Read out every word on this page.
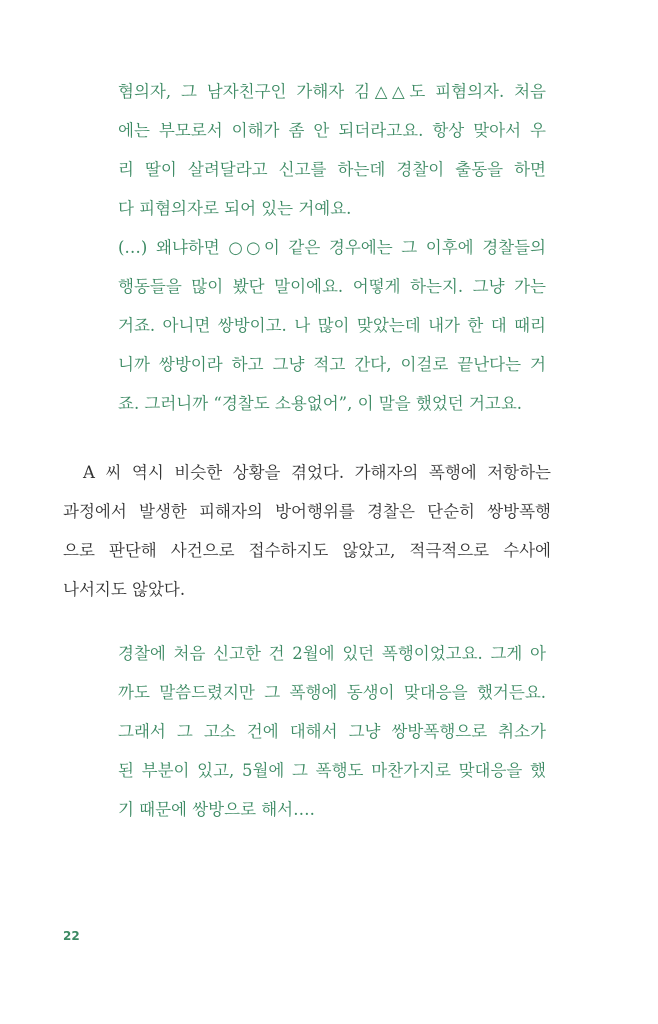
혐의자, 그 남자친구인 가해자 김△△도 피혐의자. 처음
에는 부모로서 이해가 좀 안 되더라고요. 항상 맞아서 우
리 딸이 살려달라고 신고를 하는데 경찰이 출동을 하면
다 피혐의자로 되어 있는 거예요.
(…) 왜냐하면 ○○이 같은 경우에는 그 이후에 경찰들의
행동들을 많이 봤단 말이에요. 어떻게 하는지. 그냥 가는
거죠. 아니면 쌍방이고. 나 많이 맞았는데 내가 한 대 때리
니까 쌍방이라 하고 그냥 적고 간다, 이걸로 끝난다는 거
죠. 그러니까 “경찰도 소용없어”, 이 말을 했었던 거고요.
A 씨 역시 비슷한 상황을 겪었다. 가해자의 폭행에 저항하는
과정에서 발생한 피해자의 방어행위를 경찰은 단순히 쌍방폭행
으로 판단해 사건으로 접수하지도 않았고, 적극적으로 수사에
나서지도 않았다.
경찰에 처음 신고한 건 2월에 있던 폭행이었고요. 그게 아
까도 말씀드렸지만 그 폭행에 동생이 맞대응을 했거든요.
그래서 그 고소 건에 대해서 그냥 쌍방폭행으로 취소가
된 부분이 있고, 5월에 그 폭행도 마찬가지로 맞대응을 했
기 때문에 쌍방으로 해서….
22
